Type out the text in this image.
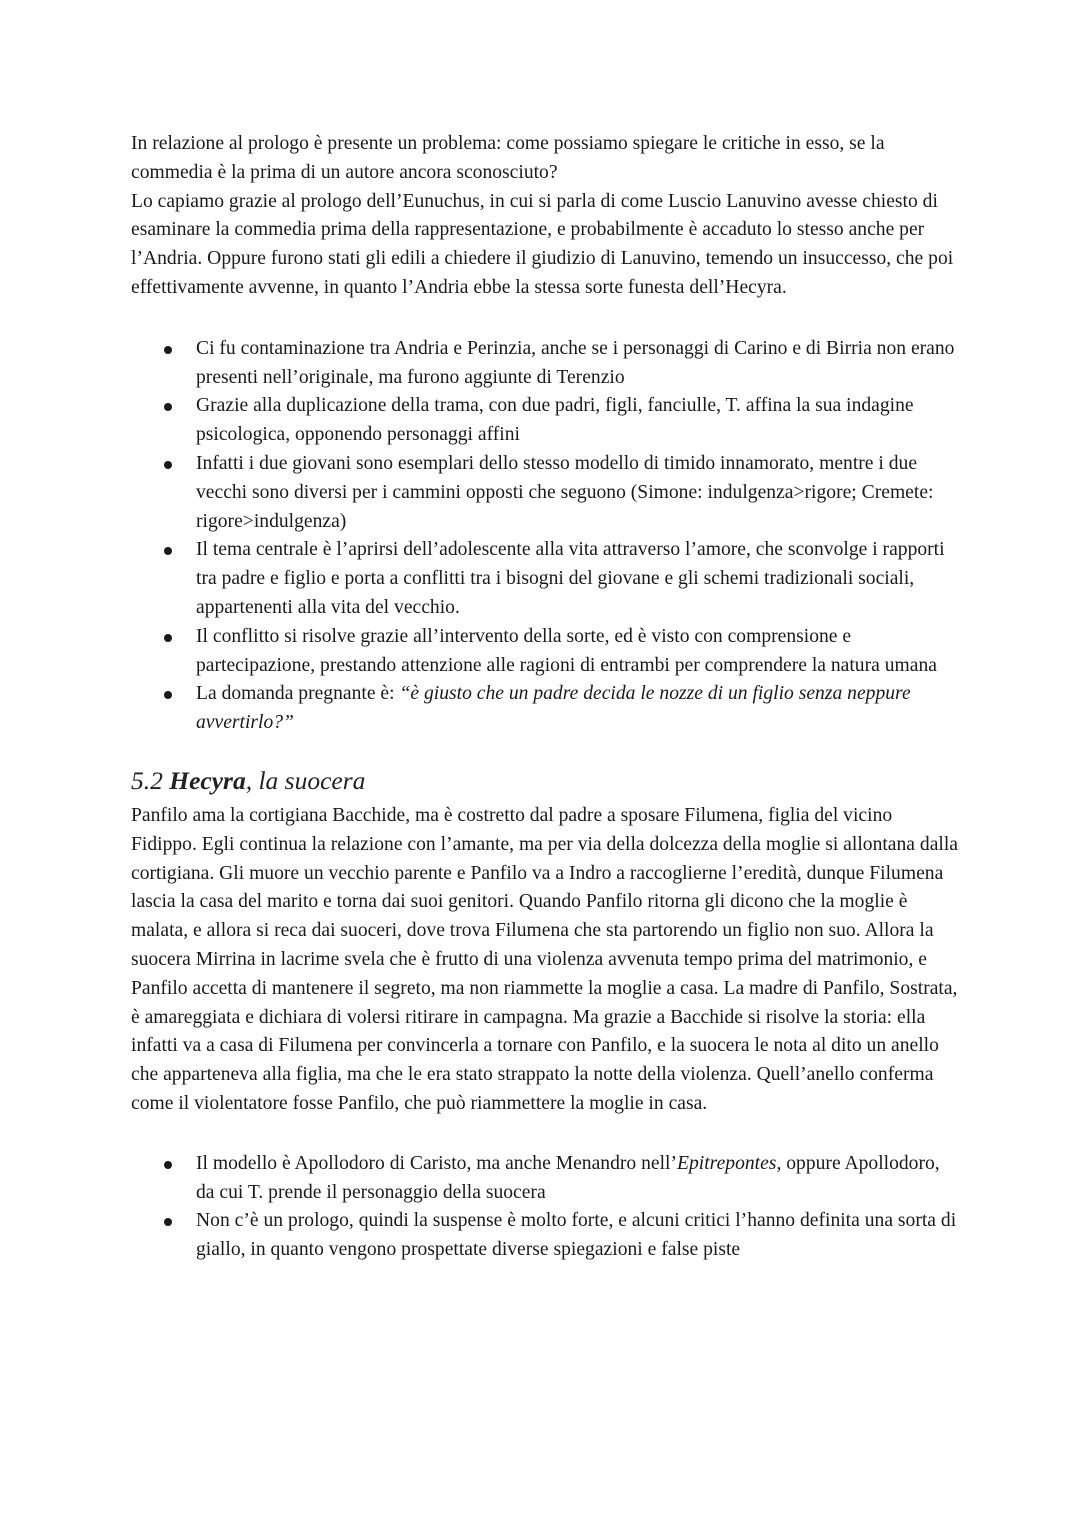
In relazione al prologo è presente un problema: come possiamo spiegare le critiche in esso, se la commedia è la prima di un autore ancora sconosciuto?

Lo capiamo grazie al prologo dell’Eunuchus, in cui si parla di come Luscio Lanuvino avesse chiesto di esaminare la commedia prima della rappresentazione, e probabilmente è accaduto lo stesso anche per l’Andria. Oppure furono stati gli edili a chiedere il giudizio di Lanuvino, temendo un insuccesso, che poi effettivamente avvenne, in quanto l’Andria ebbe la stessa sorte funesta dell’Hecyra.

Ci fu contaminazione tra Andria e Perinzia, anche se i personaggi di Carino e di Birria non erano presenti nell’originale, ma furono aggiunte di Terenzio
Grazie alla duplicazione della trama, con due padri, figli, fanciulle, T. affina la sua indagine psicologica, opponendo personaggi affini
Infatti i due giovani sono esemplari dello stesso modello di timido innamorato, mentre i due vecchi sono diversi per i cammini opposti che seguono (Simone: indulgenza>rigore; Cremete: rigore>indulgenza)
Il tema centrale è l’aprirsi dell’adolescente alla vita attraverso l’amore, che sconvolge i rapporti tra padre e figlio e porta a conflitti tra i bisogni del giovane e gli schemi tradizionali sociali, appartenenti alla vita del vecchio.
Il conflitto si risolve grazie all’intervento della sorte, ed è visto con comprensione e partecipazione, prestando attenzione alle ragioni di entrambi per comprendere la natura umana
La domanda pregnante è: “è giusto che un padre decida le nozze di un figlio senza neppure avvertirlo?”
5.2 Hecyra, la suocera

Panfilo ama la cortigiana Bacchide, ma è costretto dal padre a sposare Filumena, figlia del vicino Fidippo. Egli continua la relazione con l’amante, ma per via della dolcezza della moglie si allontana dalla cortigiana. Gli muore un vecchio parente e Panfilo va a Indro a raccoglierne l’eredità, dunque Filumena lascia la casa del marito e torna dai suoi genitori. Quando Panfilo ritorna gli dicono che la moglie è malata, e allora si reca dai suoceri, dove trova Filumena che sta partorendo un figlio non suo. Allora la suocera Mirrina in lacrime svela che è frutto di una violenza avvenuta tempo prima del matrimonio, e Panfilo accetta di mantenere il segreto, ma non riammette la moglie a casa. La madre di Panfilo, Sostrata, è amareggiata e dichiara di volersi ritirare in campagna. Ma grazie a Bacchide si risolve la storia: ella infatti va a casa di Filumena per convincerla a tornare con Panfilo, e la suocera le nota al dito un anello che apparteneva alla figlia, ma che le era stato strappato la notte della violenza. Quell’anello conferma come il violentatore fosse Panfilo, che può riammettere la moglie in casa.

Il modello è Apollodoro di Caristo, ma anche Menandro nell’Epitrepontes, oppure Apollodoro, da cui T. prende il personaggio della suocera
Non c’è un prologo, quindi la suspense è molto forte, e alcuni critici l’hanno definita una sorta di giallo, in quanto vengono prospettate diverse spiegazioni e false piste
